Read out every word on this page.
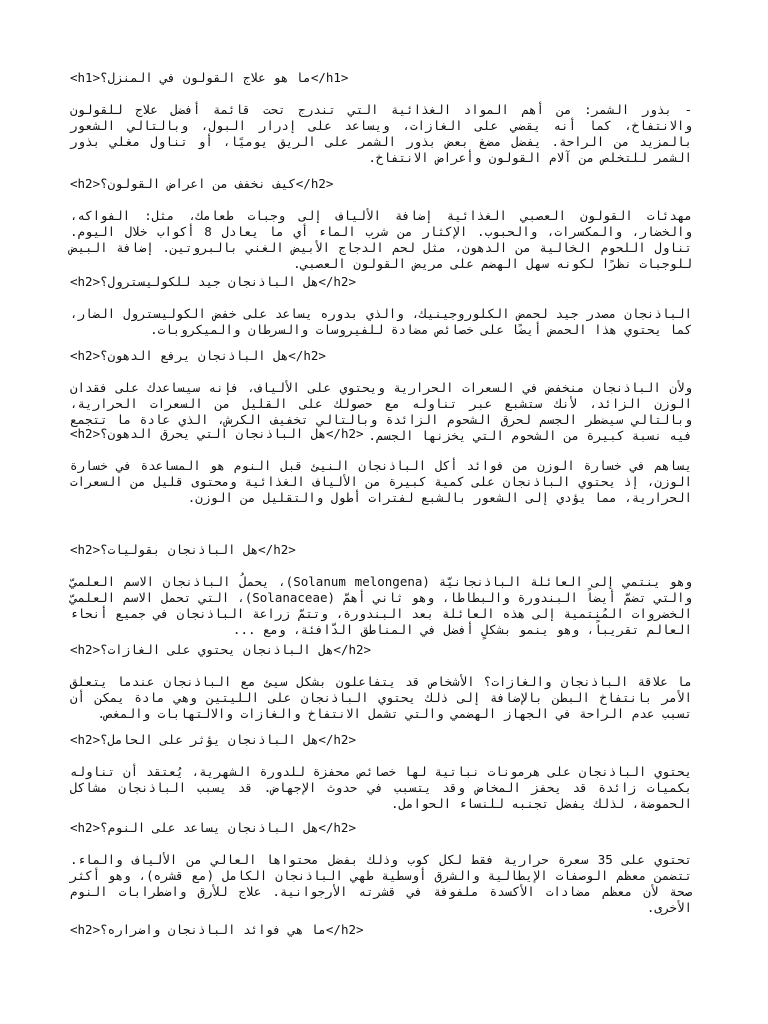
<h1>ما هو علاج القولون في المنزل؟</h1>
- بذور الشمر: من أهم المواد الغذائية التي تندرج تحت قائمة أفضل علاج للقولون والانتفاخ، كما أنه يقضي على الغازات، ويساعد على إدرار البول، وبالتالي الشعور بالمزيد من الراحة. يفضل مضغ بعض بذور الشمر على الريق يوميًا، أو تناول مغلي بذور الشمر للتخلص من آلام القولون وأعراض الانتفاخ.
<h2>كيف نخفف من اعراض القولون؟</h2>
مهدئات القولون العصبي الغذائية إضافة الألياف إلى وجبات طعامك، مثل: الفواكه، والخضار، والمكسرات، والحبوب. الإكثار من شرب الماء أي ما يعادل 8 أكواب خلال اليوم. تناول اللحوم الخالية من الدهون، مثل لحم الدجاج الأبيض الغني بالبروتين. إضافة البيض للوجبات نظرًا لكونه سهل الهضم على مريض القولون العصبي.
<h2>هل الباذنجان جيد للكوليسترول؟</h2>
الباذنجان مصدر جيد لحمض الكلوروجينيك، والذي بدوره يساعد على خفض الكوليسترول الضار، كما يحتوي هذا الحمض أيضًا على خصائص مضادة للفيروسات والسرطان والميكروبات.
<h2>هل الباذنجان يرفع الدهون؟</h2>
ولأن الباذنجان منخفض في السعرات الحرارية ويحتوي على الألياف، فإنه سيساعدك على فقدان الوزن الزائد، لأنك ستشبع عبر تناوله مع حصولك على القليل من السعرات الحرارية، وبالتالي سيضطر الجسم لحرق الشحوم الزائدة وبالتالي تخفيف الكرش، الذي عادة ما تتجمع فيه نسبة كبيرة من الشحوم التي يخزنها الجسم.
<h2>هل الباذنجان التي يحرق الدهون؟</h2>
يساهم في خسارة الوزن من فوائد أكل الباذنجان النيئ قبل النوم هو المساعدة في خسارة الوزن، إذ يحتوي الباذنجان على كمية كبيرة من الألياف الغذائية ومحتوى قليل من السعرات الحرارية، مما يؤدي إلى الشعور بالشبع لفترات أطول والتقليل من الوزن.
<h2>هل الباذنجان بقوليات؟</h2>
وهو ينتمي إلى العائلة الباذنجانيّة (Solanum melongena)، يحملُ الباذنجان الاسم العلميّ والتي تضمّ أيضاً البندورة والبطاطا، وهو ثاني أهمّ (Solanaceae)، التي تحمل الاسم العلميّ الخضروات المُنتمية إلى هذه العائلة بعد البندورة، وتتمّ زراعة الباذنجان في جميع أنحاء العالم تقريباً، وهو ينمو بشكلٍ أفضل في المناطق الدّافئة، ومع ...
<h2>هل الباذنجان يحتوي على الغازات؟</h2>
ما علاقة الباذنجان والغازات؟ الأشخاص قد يتفاعلون بشكل سيئ مع الباذنجان عندما يتعلق الأمر بانتفاخ البطن بالإضافة إلى ذلك يحتوي الباذنجان على الليتين وهي مادة يمكن أن تسبب عدم الراحة في الجهاز الهضمي والتي تشمل الانتفاخ والغازات والالتهابات والمغص.
<h2>هل الباذنجان يؤثر على الحامل؟</h2>
يحتوي الباذنجان على هرمونات نباتية لها خصائص محفزة للدورة الشهرية، يُعتقد أن تناوله بكميات زائدة قد يحفز المخاض وقد يتسبب في حدوث الإجهاض. قد يسبب الباذنجان مشاكل الحموضة، لذلك يفضل تجنبه للنساء الحوامل.
<h2>هل الباذنجان يساعد على النوم؟</h2>
تحتوي على 35 سعرة حرارية فقط لكل كوب وذلك بفضل محتواها العالي من الألياف والماء. تتضمن معظم الوصفات الإيطالية والشرق أوسطية طهي الباذنجان الكامل (مع قشره)، وهو أكثر صحة لأن معظم مضادات الأكسدة ملفوفة في قشرته الأرجوانية. علاج للأرق واضطرابات النوم الأخرى.
<h2>ما هي فوائد الباذنجان واضراره؟</h2>
